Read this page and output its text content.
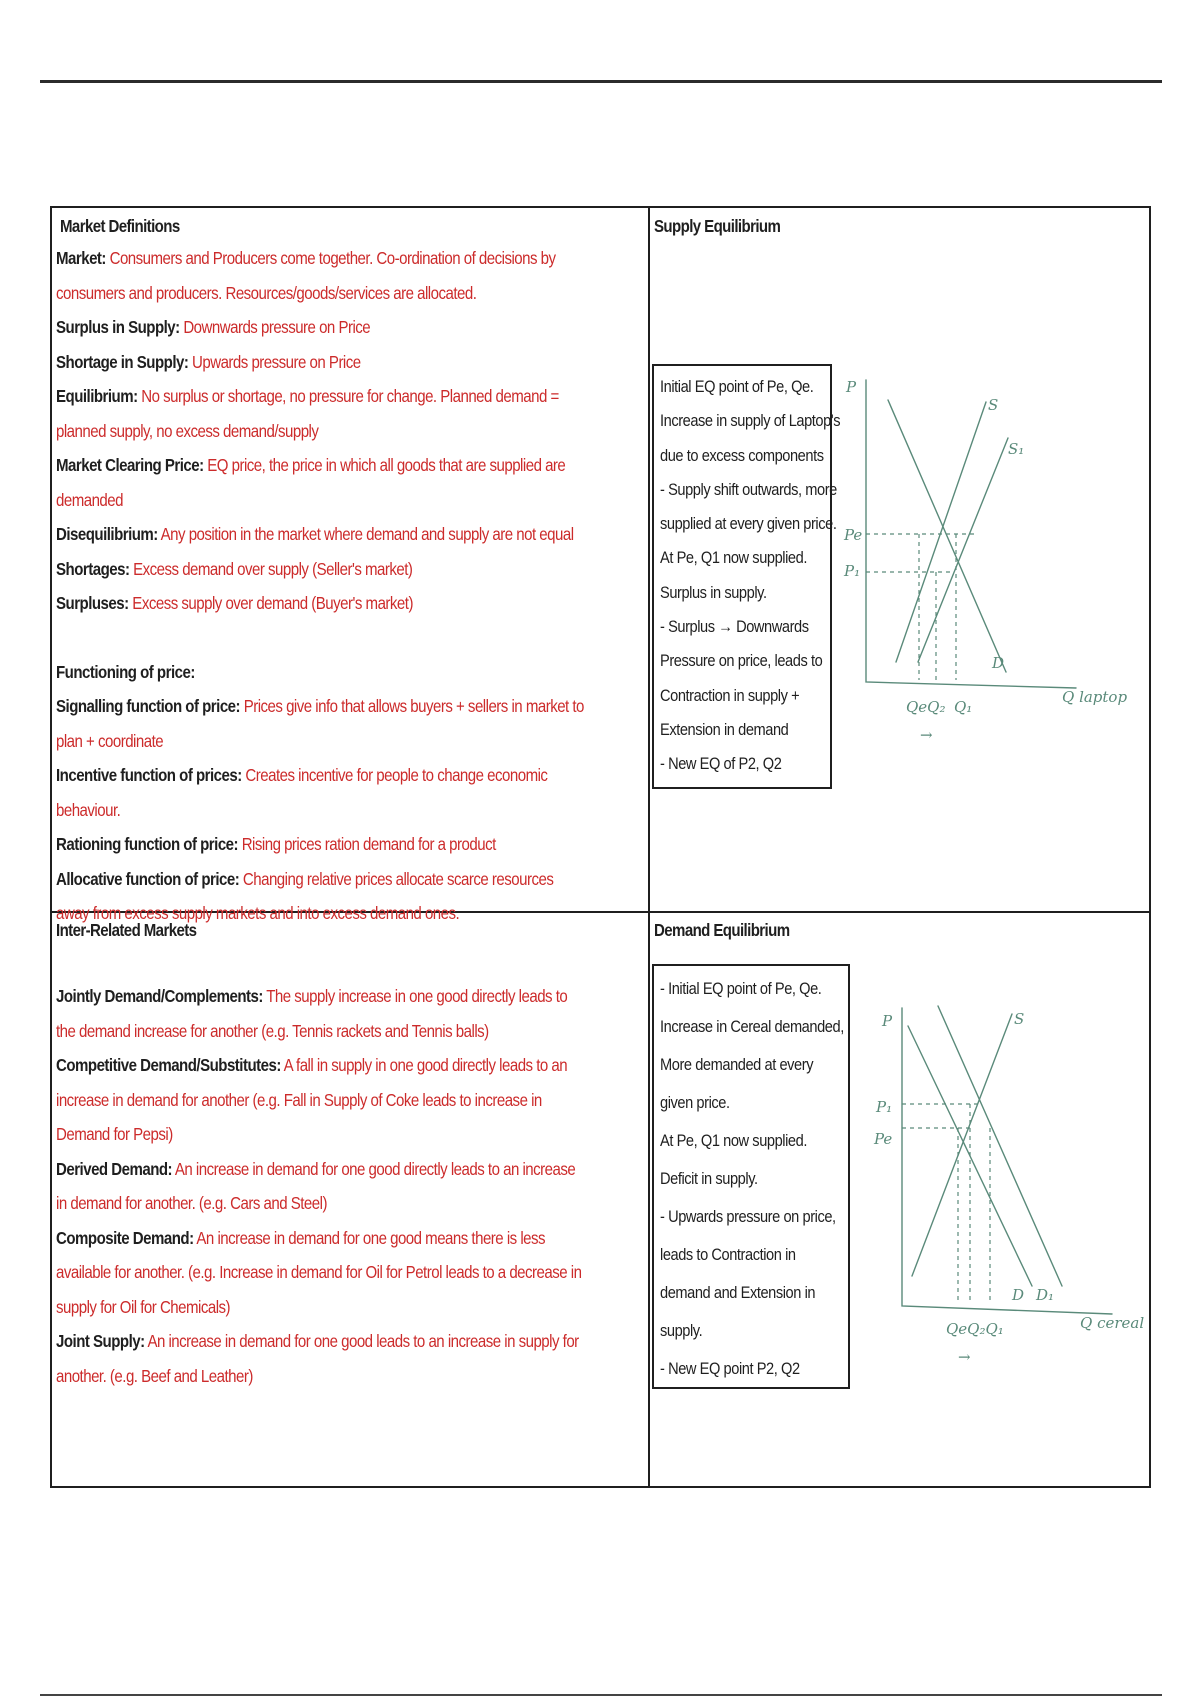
Market Definitions
Market: Consumers and Producers come together. Co-ordination of decisions by consumers and producers. Resources/goods/services are allocated.
Surplus in Supply: Downwards pressure on Price
Shortage in Supply: Upwards pressure on Price
Equilibrium: No surplus or shortage, no pressure for change. Planned demand = planned supply, no excess demand/supply
Market Clearing Price: EQ price, the price in which all goods that are supplied are demanded
Disequilibrium: Any position in the market where demand and supply are not equal
Shortages: Excess demand over supply (Seller's market)
Surpluses: Excess supply over demand (Buyer's market)
Functioning of price:
Signalling function of price: Prices give info that allows buyers + sellers in market to plan + coordinate
Incentive function of prices: Creates incentive for people to change economic behaviour.
Rationing function of price: Rising prices ration demand for a product
Allocative function of price: Changing relative prices allocate scarce resources away from excess supply markets and into excess demand ones.
Supply Equilibrium
Initial EQ point of Pe, Qe.
Increase in supply of Laptop's
due to excess components
- Supply shift outwards, more
supplied at every given price.
At Pe, Q1 now supplied.
Surplus in supply.
- Surplus → Downwards
Pressure on price, leads to
Contraction in supply +
Extension in demand
- New EQ of P2, Q2
P
S
S₁
Pe
P₁
D
Q laptop
QeQ₂ Q₁
→
Inter-Related Markets
Jointly Demand/Complements: The supply increase in one good directly leads to the demand increase for another (e.g. Tennis rackets and Tennis balls)
Competitive Demand/Substitutes: A fall in supply in one good directly leads to an increase in demand for another (e.g. Fall in Supply of Coke leads to increase in Demand for Pepsi)
Derived Demand: An increase in demand for one good directly leads to an increase in demand for another. (e.g. Cars and Steel)
Composite Demand: An increase in demand for one good means there is less available for another. (e.g. Increase in demand for Oil for Petrol leads to a decrease in supply for Oil for Chemicals)
Joint Supply: An increase in demand for one good leads to an increase in supply for another. (e.g. Beef and Leather)
Demand Equilibrium
- Initial EQ point of Pe, Qe.
Increase in Cereal demanded,
More demanded at every
given price.
At Pe, Q1 now supplied.
Deficit in supply.
- Upwards pressure on price,
leads to Contraction in
demand and Extension in
supply.
- New EQ point P2, Q2
P	S
P₁
Pe
D D₁
Q cereal
QeQ₂Q₁
→
